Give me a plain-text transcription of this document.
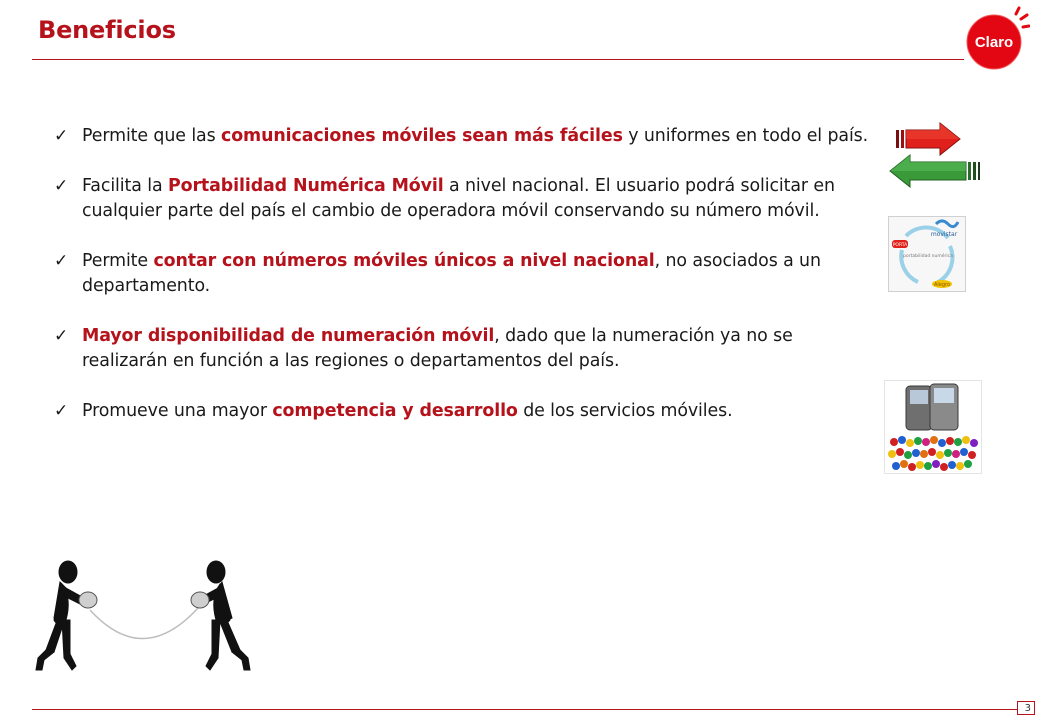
Beneficios	Claro
✓ Permite que las comunicaciones móviles sean más fáciles y uniformes en todo el país.
✓ Facilita la Portabilidad Numérica Móvil a nivel nacional. El usuario podrá solicitar en cualquier parte del país el cambio de operadora móvil conservando su número móvil.
✓ Permite contar con números móviles únicos a nivel nacional, no asociados a un departamento.
✓ Mayor disponibilidad de numeración móvil, dado que la numeración ya no se realizarán en función a las regiones o departamentos del país.
✓ Promueve una mayor competencia y desarrollo de los servicios móviles.
movistar
PORTA
portabilidad numérica
Alegro
3
